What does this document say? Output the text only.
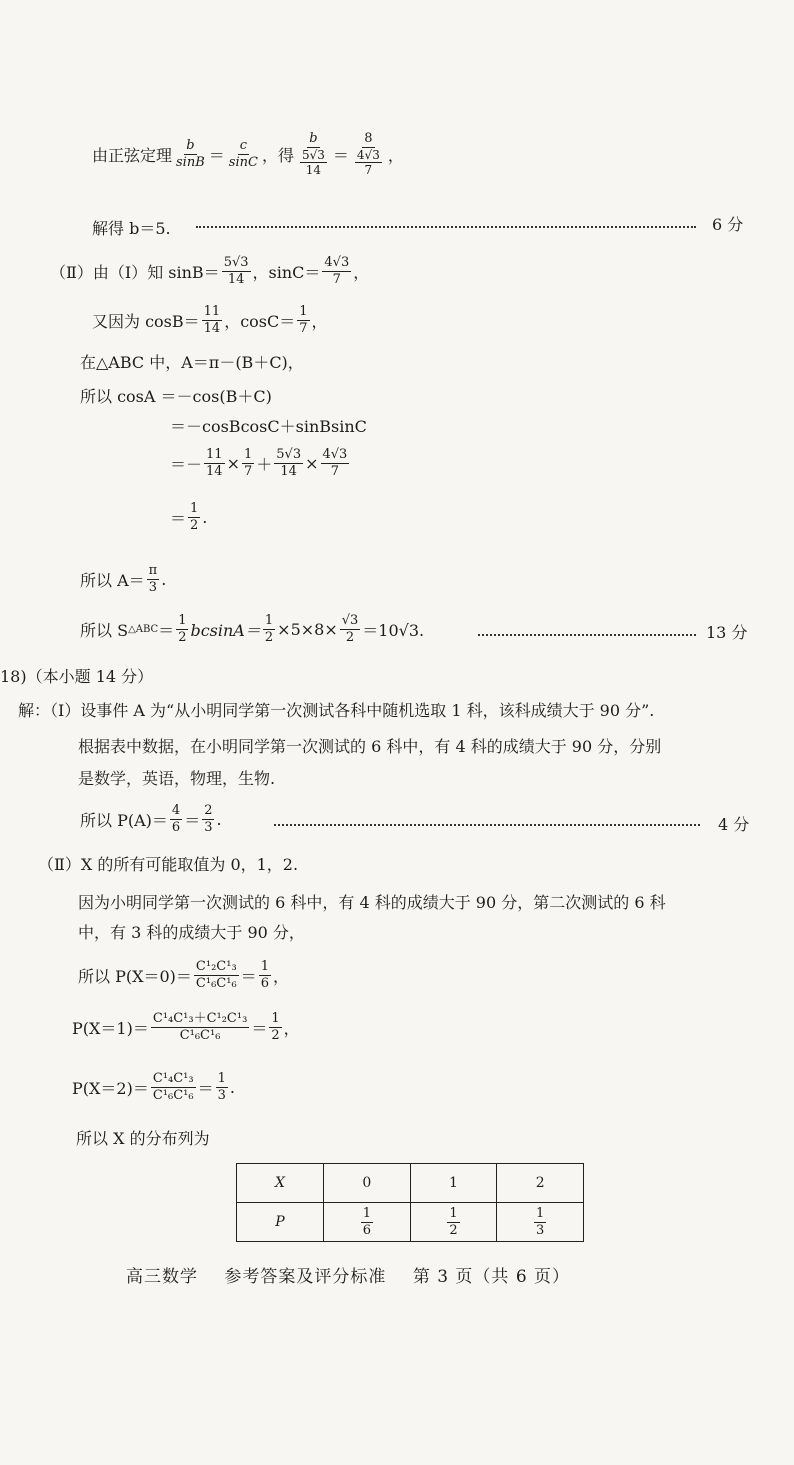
由正弦定理 $\frac{b}{\sin B} = \frac{c}{\sin C}$ ，得 $\frac{b}{\frac{5√3}{14}} = \frac{8}{\frac{4√3}{7}}$ ，
解得 b＝5.	6 分
（Ⅱ）由（Ⅰ）知 $\sin B= \frac{5√3}{14}$ ，$\sin C= \frac{4√3}{7}$ ，
又因为 $\cos B= \frac{11}{14}$ ，$\cos C= \frac{1}{7}$ ，
在△ABC 中，A＝π－(B＋C)，
所以 cosA ＝－cos(B＋C)
＝－cosBcosC＋sinBsinC
＝－ $\frac{11}{14} \times \frac{1}{7} + \frac{5√3}{14} \times \frac{4√3}{7}$
＝ $\frac{1}{2}$ .
所以 $A= \frac{\pi}{3}$ .
所以 S △ABC ＝ $\frac{1}{2} bcsinA= \frac{1}{2} \times 5\times 8\times \frac{√3}{2} =10√3$.	13 分
18)（本小题 14 分）
解：（Ⅰ）设事件 A 为“从小明同学第一次测试各科中随机选取 1 科，该科成绩大于 90 分”.
根据表中数据，在小明同学第一次测试的 6 科中，有 4 科的成绩大于 90 分，分别
是数学，英语，物理，生物.
所以 $P(A)= \frac{4}{6} = \frac{2}{3}$ .	4 分
（Ⅱ）X 的所有可能取值为 0，1，2.
因为小明同学第一次测试的 6 科中，有 4 科的成绩大于 90 分，第二次测试的 6 科
中，有 3 科的成绩大于 90 分，
所以 $P(X=0)= \frac{\text{C¹₂C¹₃}}{\text{C¹₆C¹₆}} = \frac{1}{6}$ ，
$P(X=1)= \frac{\text{C¹₄C¹₃＋C¹₂C¹₃}}{\text{C¹₆C¹₆}} = \frac{1}{2}$ ，
$P(X=2)= \frac{\text{C¹₄C¹₃}}{\text{C¹₆C¹₆}} = \frac{1}{3}$ .
所以 X 的分布列为
X	0	1	2
P	$\frac{1}{6}$	$\frac{1}{2}$	$\frac{1}{3}$
高三数学 参考答案及评分标准 第 3 页（共 6 页）
